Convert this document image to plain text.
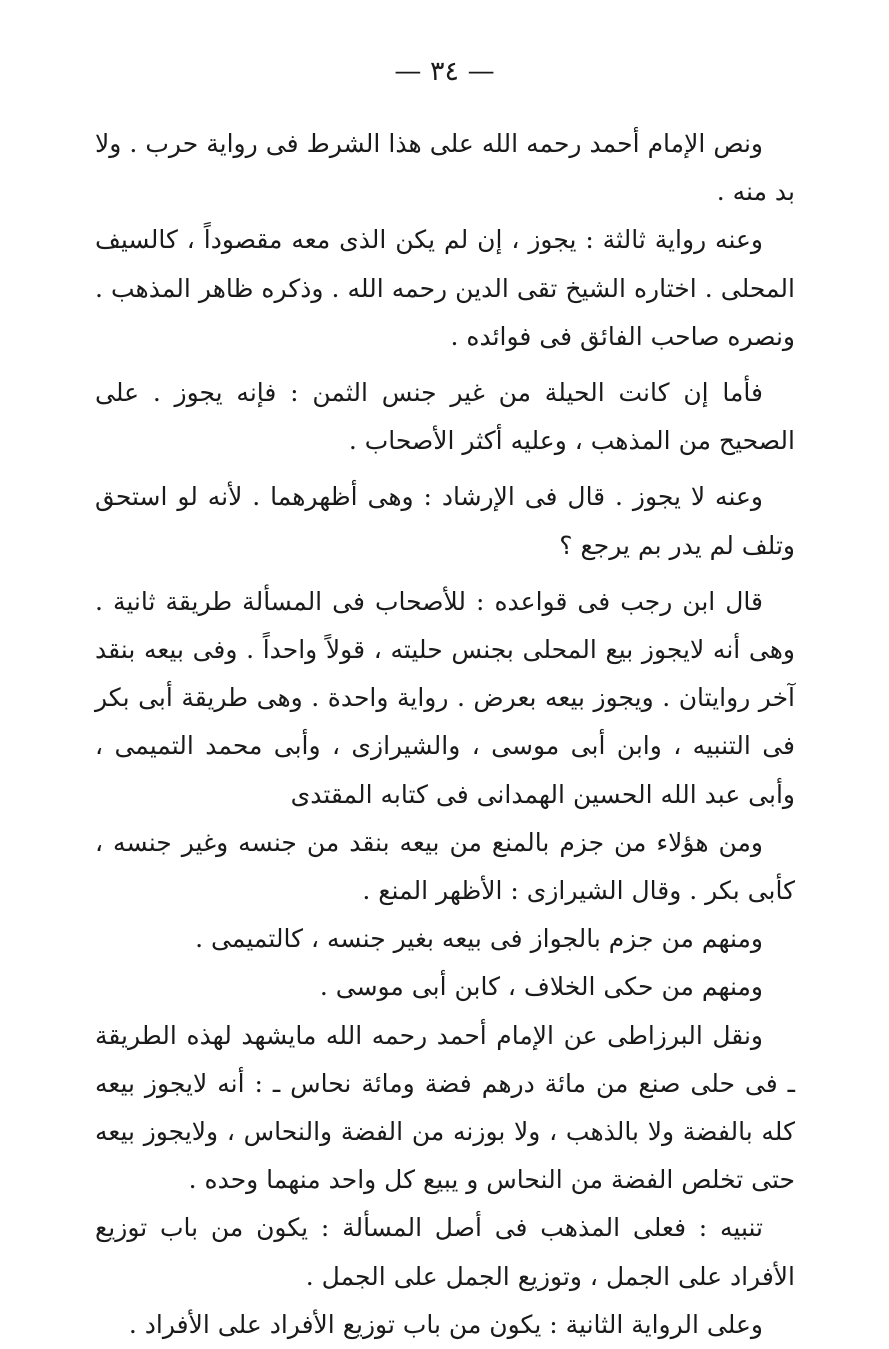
— ٣٤ —

ونص الإمام أحمد رحمه الله على هذا الشرط فى رواية حرب . ولا بد منه .

وعنه رواية ثالثة : يجوز ، إن لم يكن الذى معه مقصوداً ، كالسيف المحلى . اختاره الشيخ تقى الدين رحمه الله . وذكره ظاهر المذهب . ونصره صاحب الفائق فى فوائده .

فأما إن كانت الحيلة من غير جنس الثمن : فإنه يجوز . على الصحيح من المذهب ، وعليه أكثر الأصحاب .

وعنه لا يجوز . قال فى الإرشاد : وهى أظهرهما . لأنه لو استحق وتلف لم يدر بم يرجع ؟

قال ابن رجب فى قواعده : للأصحاب فى المسألة طريقة ثانية . وهى أنه لايجوز بيع المحلى بجنس حليته ، قولاً واحداً . وفى بيعه بنقد آخر روايتان . ويجوز بيعه بعرض . رواية واحدة . وهى طريقة أبى بكر فى التنبيه ، وابن أبى موسى ، والشيرازى ، وأبى محمد التميمى ، وأبى عبد الله الحسين الهمدانى فى كتابه المقتدى

ومن هؤلاء من جزم بالمنع من بيعه بنقد من جنسه وغير جنسه ، كأبى بكر . وقال الشيرازى : الأظهر المنع .

ومنهم من جزم بالجواز فى بيعه بغير جنسه ، كالتميمى .

ومنهم من حكى الخلاف ، كابن أبى موسى .

ونقل البرزاطى عن الإمام أحمد رحمه الله مايشهد لهذه الطريقة ـ فى حلى صنع من مائة درهم فضة ومائة نحاس ـ : أنه لايجوز بيعه كله بالفضة ولا بالذهب ، ولا بوزنه من الفضة والنحاس ، ولايجوز بيعه حتى تخلص الفضة من النحاس و يبيع كل واحد منهما وحده .

تنبيه : فعلى المذهب فى أصل المسألة : يكون من باب توزيع الأفراد على الجمل ، وتوزيع الجمل على الجمل .

وعلى الرواية الثانية : يكون من باب توزيع الأفراد على الأفراد .
